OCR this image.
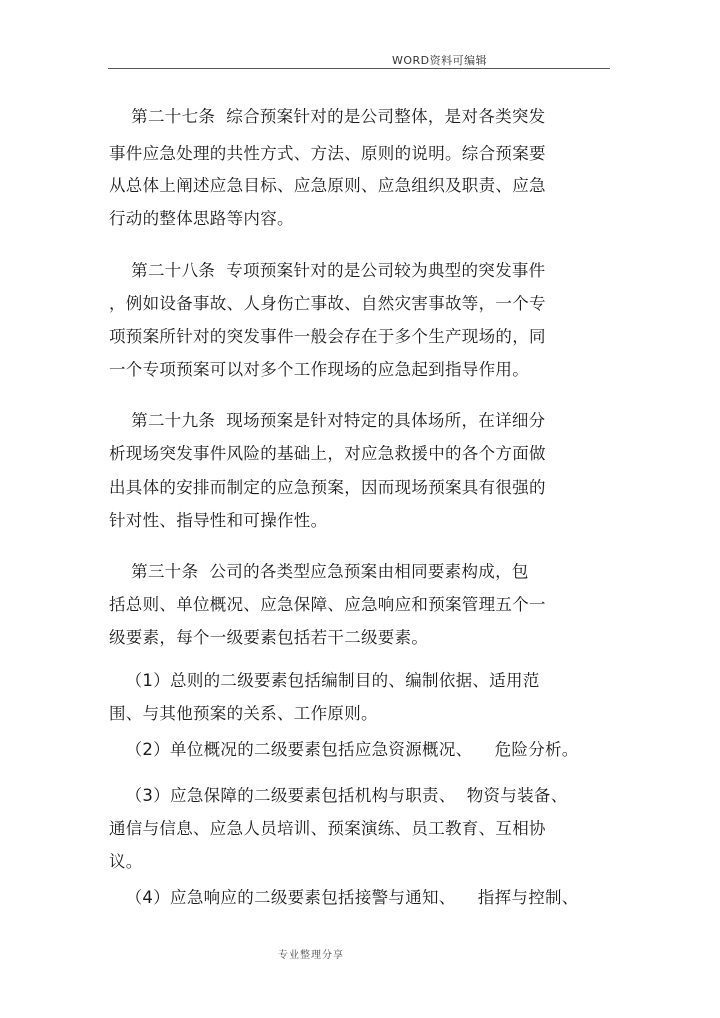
WORD资料可编辑
第二十七条  综合预案针对的是公司整体，是对各类突发
事件应急处理的共性方式、方法、原则的说明。综合预案要
从总体上阐述应急目标、应急原则、应急组织及职责、应急
行动的整体思路等内容。
第二十八条  专项预案针对的是公司较为典型的突发事件
，例如设备事故、人身伤亡事故、自然灾害事故等，一个专
项预案所针对的突发事件一般会存在于多个生产现场的，同
一个专项预案可以对多个工作现场的应急起到指导作用。
第二十九条  现场预案是针对特定的具体场所，在详细分
析现场突发事件风险的基础上，对应急救援中的各个方面做
出具体的安排而制定的应急预案，因而现场预案具有很强的
针对性、指导性和可操作性。
第三十条  公司的各类型应急预案由相同要素构成，包
括总则、单位概况、应急保障、应急响应和预案管理五个一
级要素，每个一级要素包括若干二级要素。
（1）总则的二级要素包括编制目的、编制依据、适用范
围、与其他预案的关系、工作原则。
（2）单位概况的二级要素包括应急资源概况、    危险分析。
（3）应急保障的二级要素包括机构与职责、  物资与装备、
通信与信息、应急人员培训、预案演练、员工教育、互相协
议。
（4）应急响应的二级要素包括接警与通知、    指挥与控制、
专业整理分享
